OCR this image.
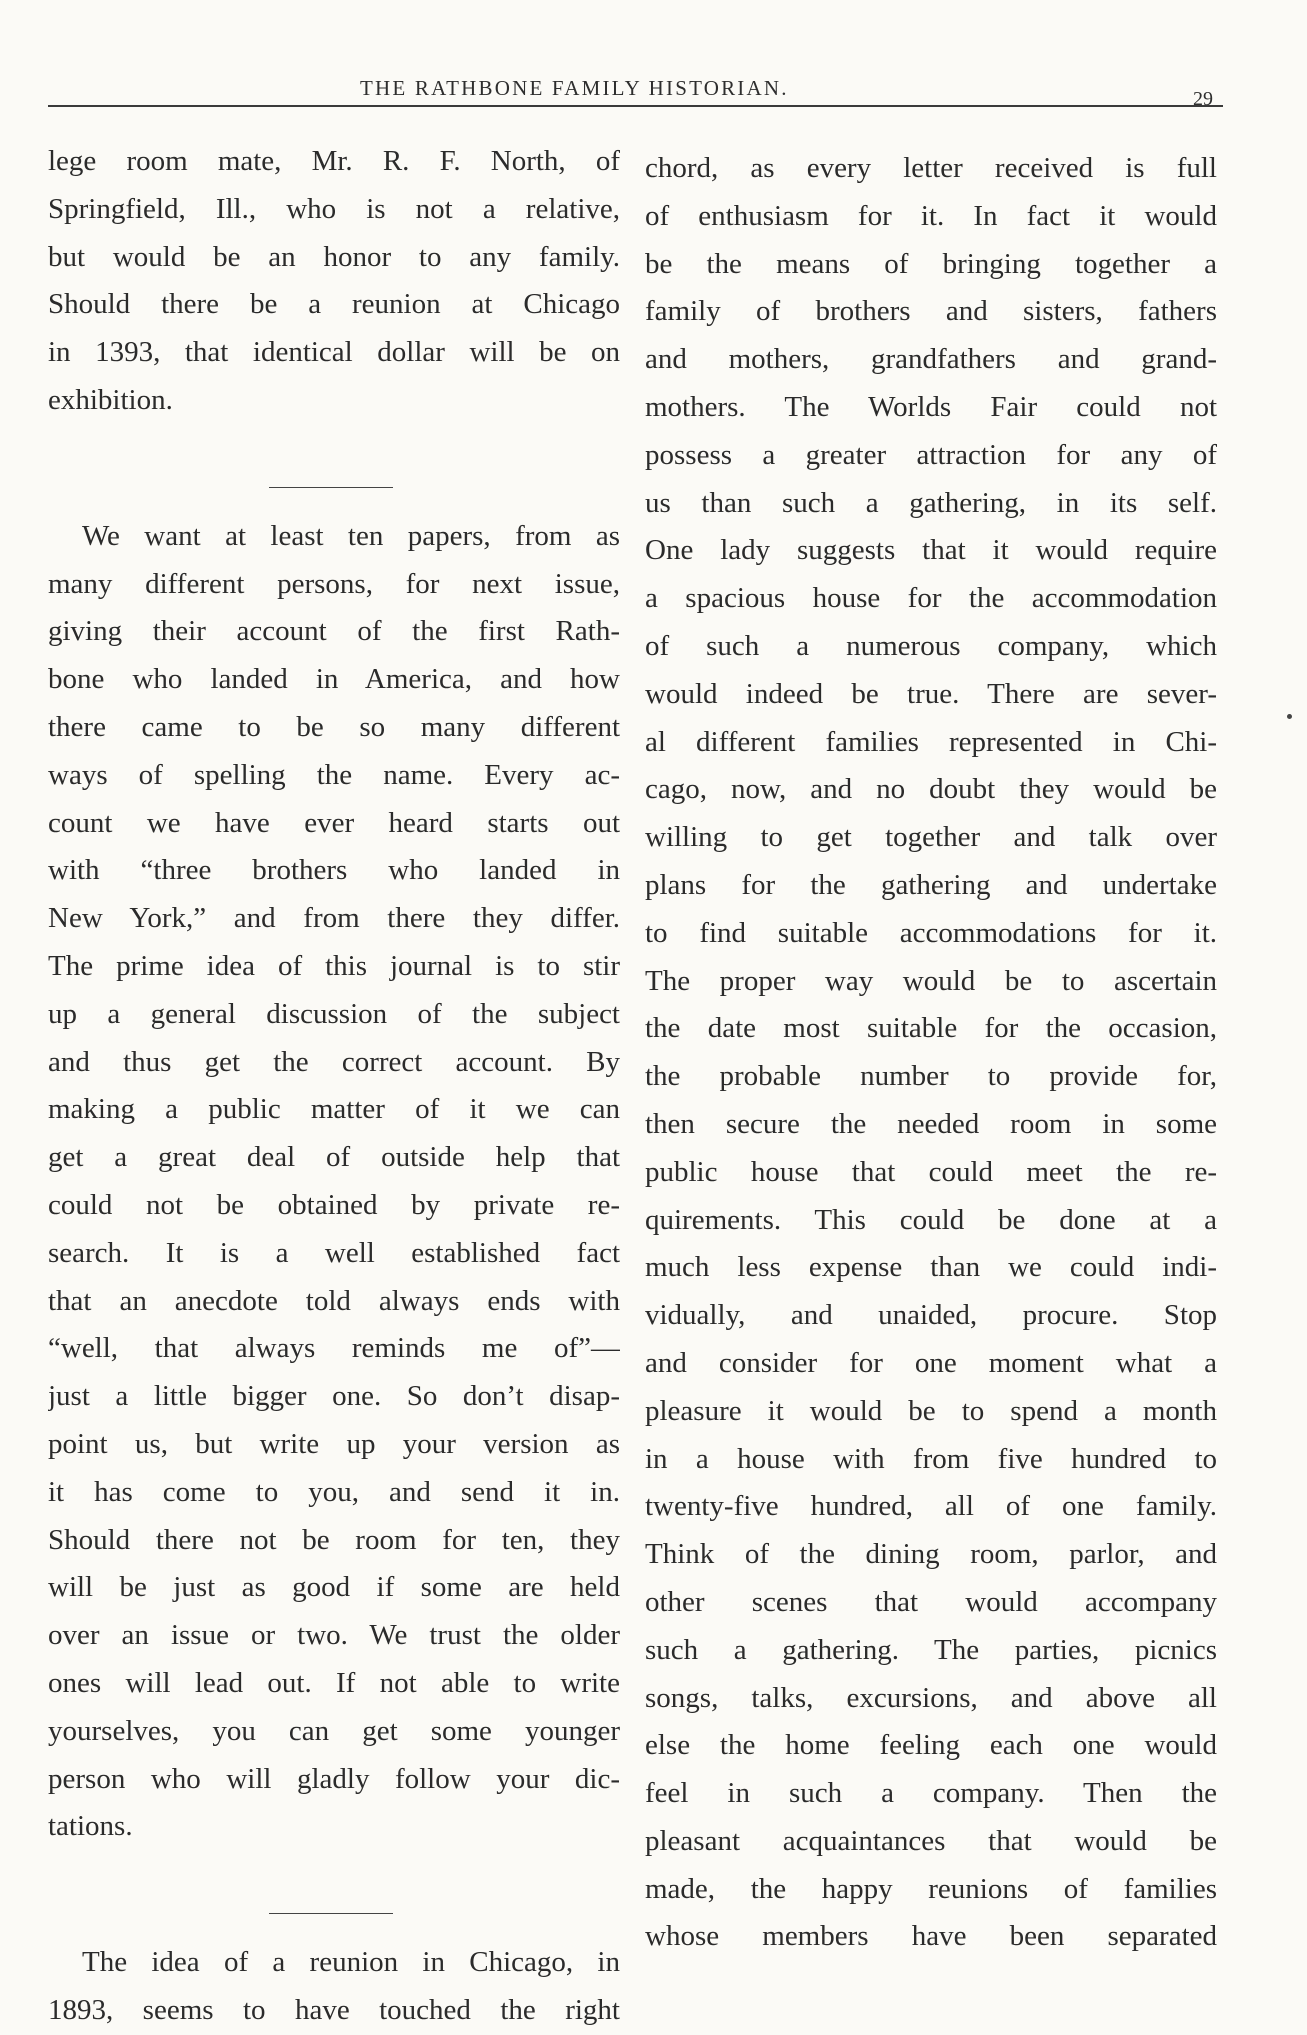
THE RATHBONE FAMILY HISTORIAN.	29
lege room mate, Mr. R. F. North, of
Springfield, Ill., who is not a relative,
but would be an honor to any family.
Should there be a reunion at Chicago
in 1393, that identical dollar will be on
exhibition.
We want at least ten papers, from as
many different persons, for next issue,
giving their account of the first Rath-
bone who landed in America, and how
there came to be so many different
ways of spelling the name. Every ac-
count we have ever heard starts out
with “three brothers who landed in
New York,” and from there they differ.
The prime idea of this journal is to stir
up a general discussion of the subject
and thus get the correct account. By
making a public matter of it we can
get a great deal of outside help that
could not be obtained by private re-
search. It is a well established fact
that an anecdote told always ends with
“well, that always reminds me of”—
just a little bigger one. So don’t disap-
point us, but write up your version as
it has come to you, and send it in.
Should there not be room for ten, they
will be just as good if some are held
over an issue or two. We trust the older
ones will lead out. If not able to write
yourselves, you can get some younger
person who will gladly follow your dic-
tations.
The idea of a reunion in Chicago, in
1893, seems to have touched the right
chord, as every letter received is full
of enthusiasm for it. In fact it would
be the means of bringing together a
family of brothers and sisters, fathers
and mothers, grandfathers and grand-
mothers. The Worlds Fair could not
possess a greater attraction for any of
us than such a gathering, in its self.
One lady suggests that it would require
a spacious house for the accommodation
of such a numerous company, which
would indeed be true. There are sever-
al different families represented in Chi-
cago, now, and no doubt they would be
willing to get together and talk over
plans for the gathering and undertake
to find suitable accommodations for it.
The proper way would be to ascertain
the date most suitable for the occasion,
the probable number to provide for,
then secure the needed room in some
public house that could meet the re-
quirements. This could be done at a
much less expense than we could indi-
vidually, and unaided, procure. Stop
and consider for one moment what a
pleasure it would be to spend a month
in a house with from five hundred to
twenty-five hundred, all of one family.
Think of the dining room, parlor, and
other scenes that would accompany
such a gathering. The parties, picnics
songs, talks, excursions, and above all
else the home feeling each one would
feel in such a company. Then the
pleasant acquaintances that would be
made, the happy reunions of families
whose members have been separated
